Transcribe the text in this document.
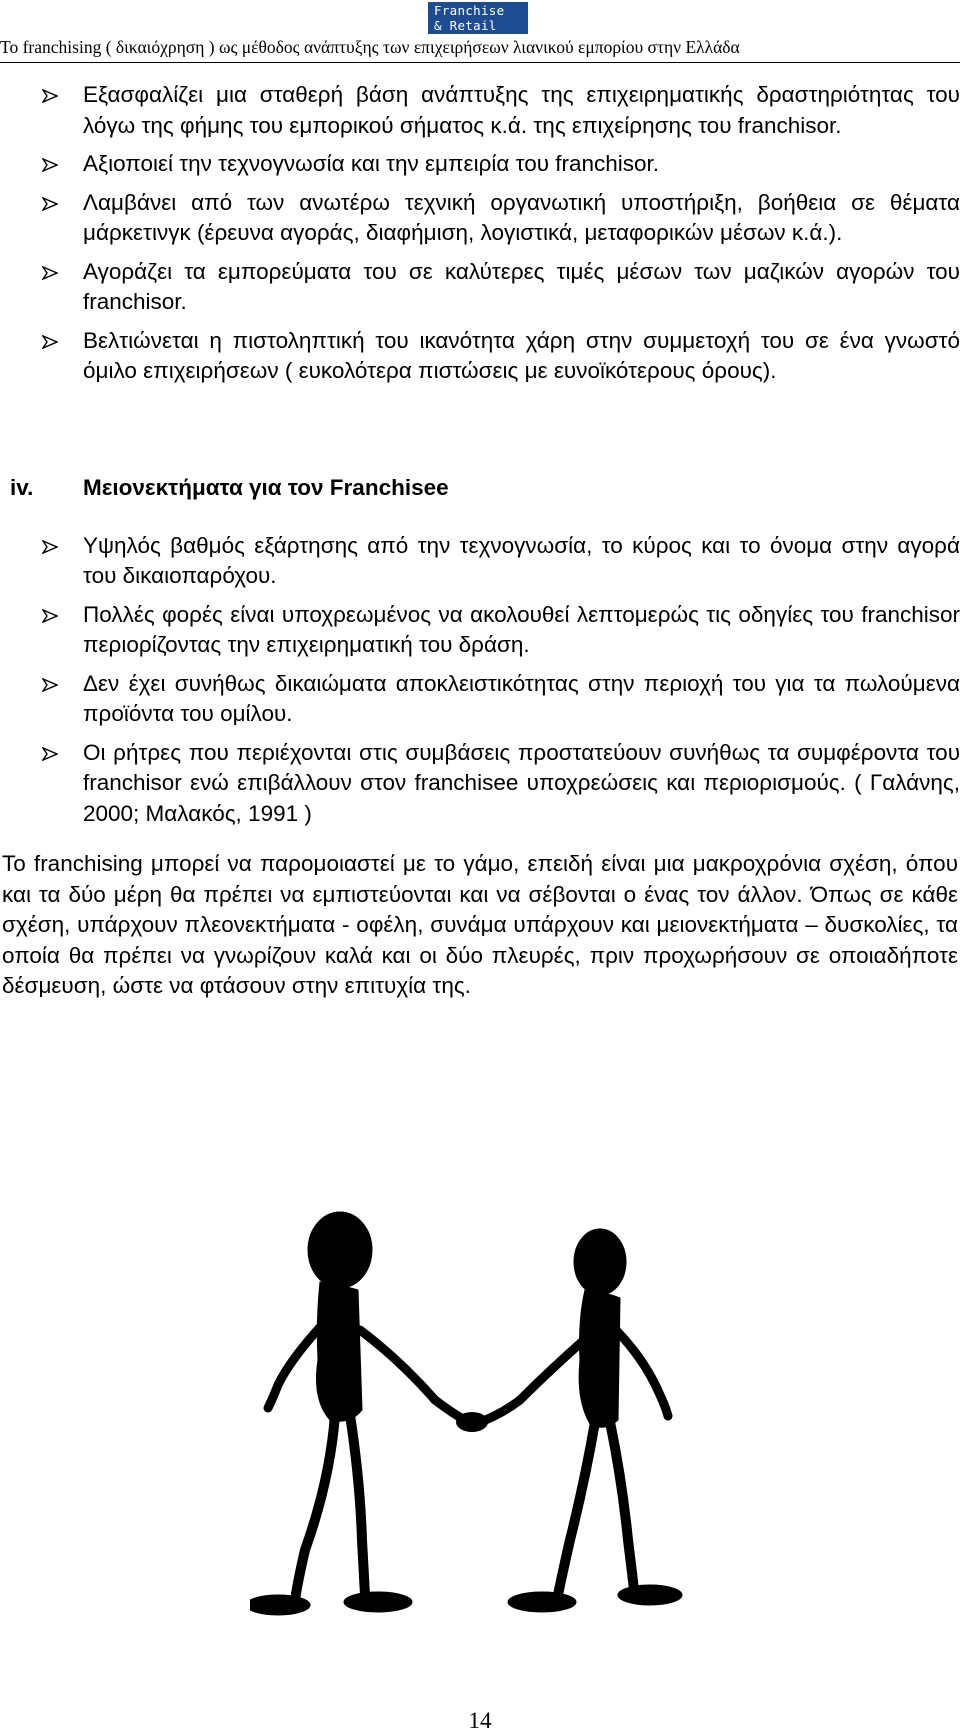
Franchise
& Retail
To franchising ( δικαιόχρηση ) ως μέθοδος ανάπτυξης των επιχειρήσεων λιανικού εμπορίου στην Ελλάδα
Εξασφαλίζει μια σταθερή βάση ανάπτυξης της επιχειρηματικής δραστηριότητας του λόγω της φήμης του εμπορικού σήματος κ.ά. της επιχείρησης του franchisor.
Αξιοποιεί την τεχνογνωσία και την εμπειρία του franchisor.
Λαμβάνει από των ανωτέρω τεχνική οργανωτική υποστήριξη, βοήθεια σε θέματα μάρκετινγκ (έρευνα αγοράς, διαφήμιση, λογιστικά, μεταφορικών μέσων κ.ά.).
Αγοράζει τα εμπορεύματα του σε καλύτερες τιμές μέσων των μαζικών αγορών του franchisor.
Βελτιώνεται η πιστοληπτική του ικανότητα χάρη στην συμμετοχή του σε ένα γνωστό όμιλο επιχειρήσεων ( ευκολότερα πιστώσεις με ευνοϊκότερους όρους).
iv. Μειονεκτήματα για τον Franchisee
Υψηλός βαθμός εξάρτησης από την τεχνογνωσία, το κύρος και το όνομα στην αγορά του δικαιοπαρόχου.
Πολλές φορές είναι υποχρεωμένος να ακολουθεί λεπτομερώς τις οδηγίες του franchisor περιορίζοντας την επιχειρηματική του δράση.
Δεν έχει συνήθως δικαιώματα αποκλειστικότητας στην περιοχή του για τα πωλούμενα προϊόντα του ομίλου.
Οι ρήτρες που περιέχονται στις συμβάσεις προστατεύουν συνήθως τα συμφέροντα του franchisor ενώ επιβάλλουν στον franchisee υποχρεώσεις και περιορισμούς. ( Γαλάνης, 2000; Μαλακός, 1991 )

Το franchising μπορεί να παρομοιαστεί με το γάμο, επειδή είναι μια μακροχρόνια σχέση, όπου και τα δύο μέρη θα πρέπει να εμπιστεύονται και να σέβονται ο ένας τον άλλον. Όπως σε κάθε σχέση, υπάρχουν πλεονεκτήματα - οφέλη, συνάμα υπάρχουν και μειονεκτήματα – δυσκολίες, τα οποία θα πρέπει να γνωρίζουν καλά και οι δύο πλευρές, πριν προχωρήσουν σε οποιαδήποτε δέσμευση, ώστε να φτάσουν στην επιτυχία της.

14
